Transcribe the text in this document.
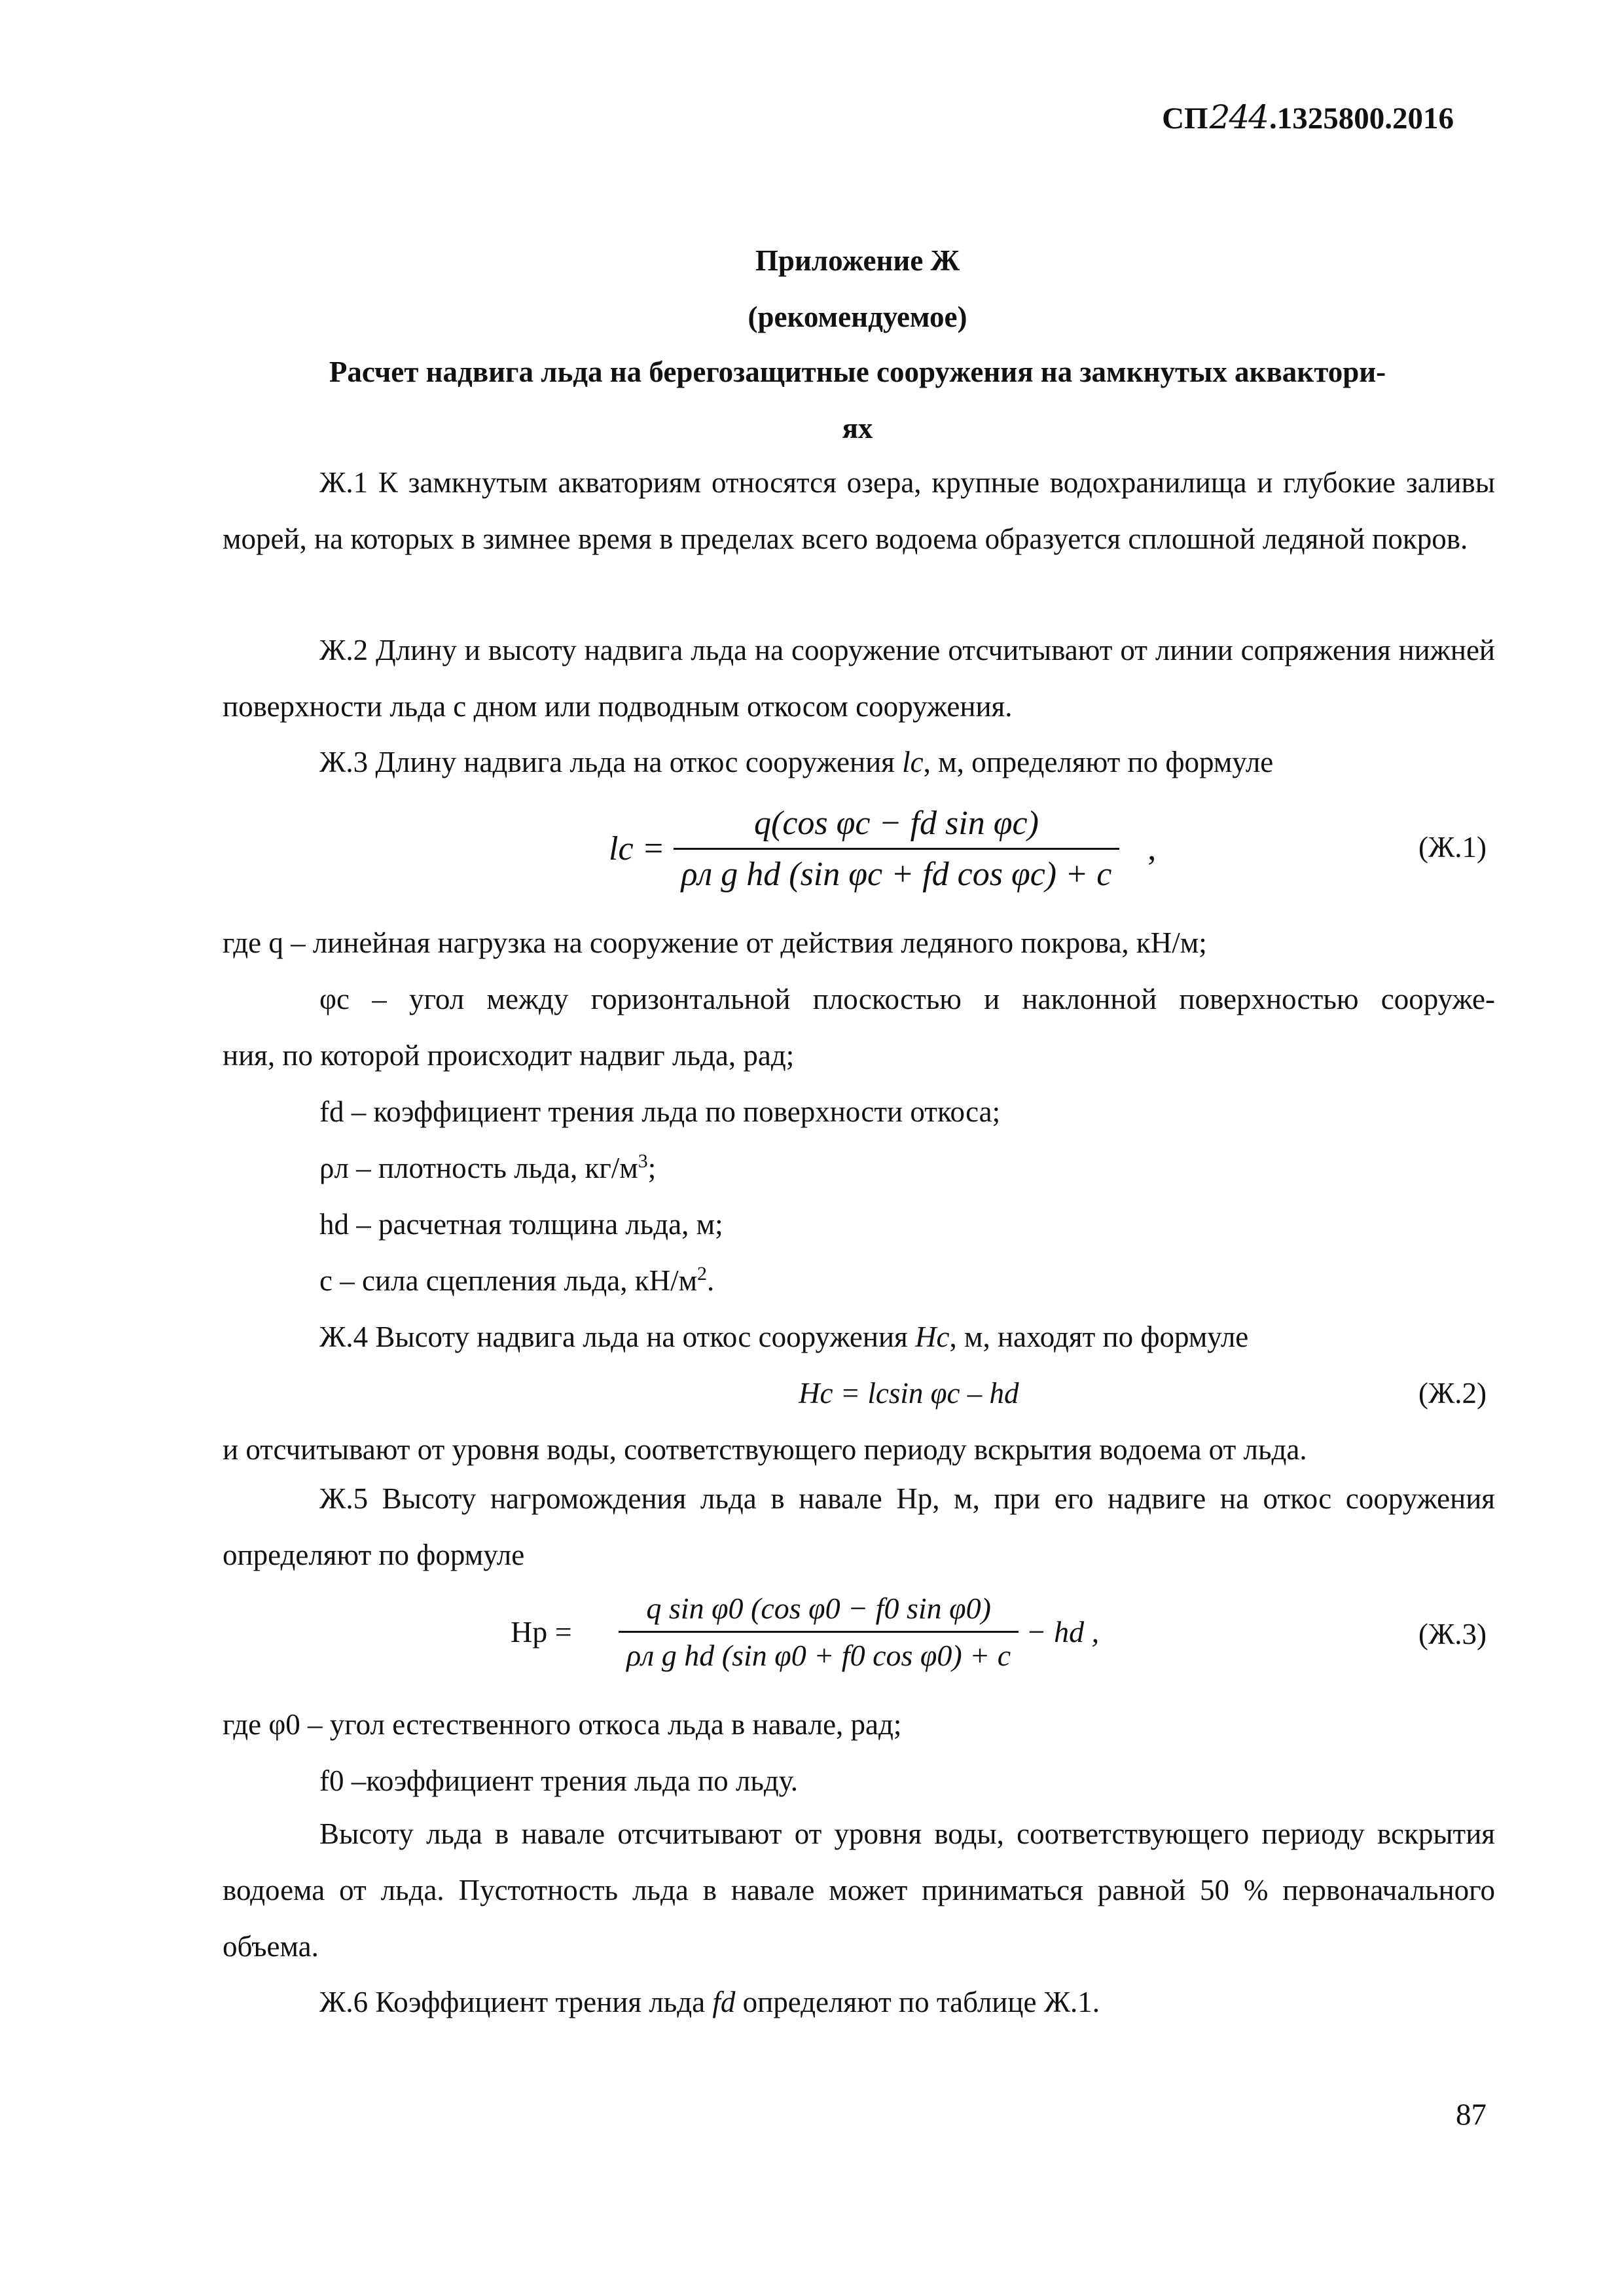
СП244.1325800.2016
Приложение Ж
(рекомендуемое)
Расчет надвига льда на берегозащитные сооружения на замкнутых аквактори-
ях
Ж.1 К замкнутым акваториям относятся озера, крупные водохранилища и глубокие заливы морей, на которых в зимнее время в пределах всего водоема образуется сплошной ледяной покров.
Ж.2 Длину и высоту надвига льда на сооружение отсчитывают от линии сопряжения нижней поверхности льда с дном или подводным откосом сооружения.
Ж.3 Длину надвига льда на откос сооружения lc, м, определяют по формуле
lc = $\frac{\text{q(cos φc − fd sin φc)}}{\text{ρл g hd (sin φc + fd cos φc) + c}}$ ,	(Ж.1)
где q – линейная нагрузка на сооружение от действия ледяного покрова, кН/м;
φc – угол между горизонтальной плоскостью и наклонной поверхностью сооруже-
ния, по которой происходит надвиг льда, рад;
fd – коэффициент трения льда по поверхности откоса;
ρл – плотность льда, $кг/м^3$;
hd – расчетная толщина льда, м;
c – сила сцепления льда, $кН/м^2$.
Ж.4 Высоту надвига льда на откос сооружения Hc, м, находят по формуле
Hc = lcsin φc – hd	(Ж.2)
и отсчитывают от уровня воды, соответствующего периоду вскрытия водоема от льда.
Ж.5 Высоту нагромождения льда в навале Hp, м, при его надвиге на откос сооружения определяют по формуле
$Hp = \frac{\text{q sin φ0 (cos φ0 − f0 sin φ0)}}{\text{ρл g hd (sin φ0 + f0 cos φ0) + c}}$ − hd ,	(Ж.3)
где φ0 – угол естественного откоса льда в навале, рад;
f0 –коэффициент трения льда по льду.
Высоту льда в навале отсчитывают от уровня воды, соответствующего периоду вскрытия водоема от льда. Пустотность льда в навале может приниматься равной 50 % первоначального объема.
Ж.6 Коэффициент трения льда fd определяют по таблице Ж.1.
87
